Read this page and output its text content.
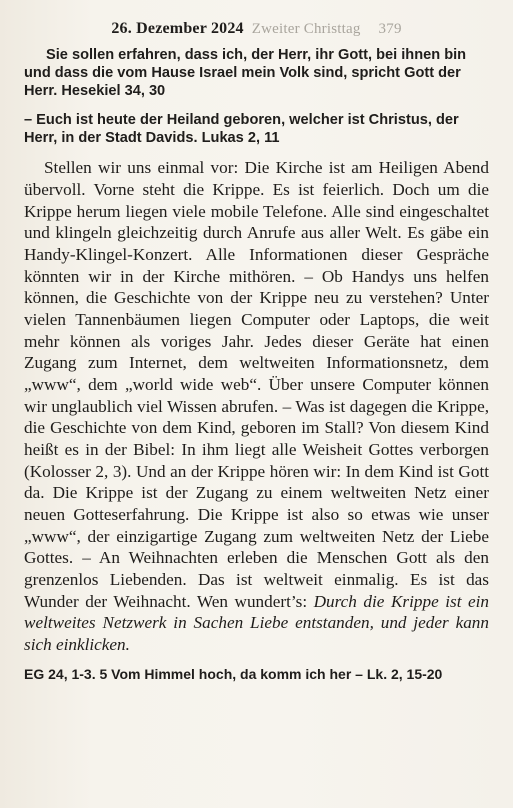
26. Dezember 2024 Zweiter Christtag 379

Sie sollen erfahren, dass ich, der Herr, ihr Gott, bei ihnen bin und dass die vom Hause Israel mein Volk sind, spricht Gott der Herr. Hesekiel 34, 30

– Euch ist heute der Heiland geboren, welcher ist Christus, der Herr, in der Stadt Davids. Lukas 2, 11

Stellen wir uns einmal vor: Die Kirche ist am Heiligen Abend übervoll. Vorne steht die Krippe. Es ist feierlich. Doch um die Krippe herum liegen viele mobile Telefone. Alle sind eingeschaltet und klingeln gleichzeitig durch Anrufe aus aller Welt. Es gäbe ein Handy-Klingel-Konzert. Alle Informationen dieser Gespräche könnten wir in der Kirche mithören. – Ob Handys uns helfen können, die Geschichte von der Krippe neu zu verstehen? Unter vielen Tannenbäumen liegen Computer oder Laptops, die weit mehr können als voriges Jahr. Jedes dieser Geräte hat einen Zugang zum Internet, dem weltweiten Informationsnetz, dem „www“, dem „world wide web“. Über unsere Computer können wir unglaublich viel Wissen abrufen. – Was ist dagegen die Krippe, die Geschichte von dem Kind, geboren im Stall? Von diesem Kind heißt es in der Bibel: In ihm liegt alle Weisheit Gottes verborgen (Kolosser 2, 3). Und an der Krippe hören wir: In dem Kind ist Gott da. Die Krippe ist der Zugang zu einem weltweiten Netz einer neuen Gotteserfahrung. Die Krippe ist also so etwas wie unser „www“, der einzigartige Zugang zum weltweiten Netz der Liebe Gottes. – An Weihnachten erleben die Menschen Gott als den grenzenlos Liebenden. Das ist weltweit einmalig. Es ist das Wunder der Weihnacht. Wen wundert’s: Durch die Krippe ist ein weltweites Netzwerk in Sachen Liebe entstanden, und jeder kann sich einklicken.

EG 24, 1-3. 5 Vom Himmel hoch, da komm ich her – Lk. 2, 15-20
